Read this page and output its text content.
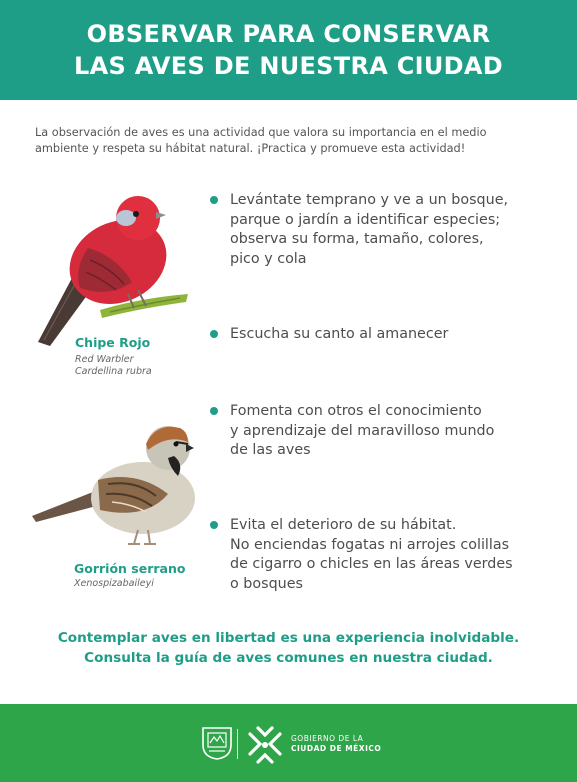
OBSERVAR PARA CONSERVAR
LAS AVES DE NUESTRA CIUDAD
La observación de aves es una actividad que valora su importancia en el medio
ambiente y respeta su hábitat natural. ¡Practica y promueve esta actividad!
Chipe Rojo
Red Warbler
Cardellina rubra
Gorrión serrano
Xenospizabaileyi
Levántate temprano y ve a un bosque,
parque o jardín a identificar especies;
observa su forma, tamaño, colores,
pico y cola
Escucha su canto al amanecer
Fomenta con otros el conocimiento
y aprendizaje del maravilloso mundo
de las aves
Evita el deterioro de su hábitat.
No enciendas fogatas ni arrojes colillas
de cigarro o chicles en las áreas verdes
o bosques
Contemplar aves en libertad es una experiencia inolvidable.
Consulta la guía de aves comunes en nuestra ciudad.
GOBIERNO DE LA
CIUDAD DE MÉXICO
